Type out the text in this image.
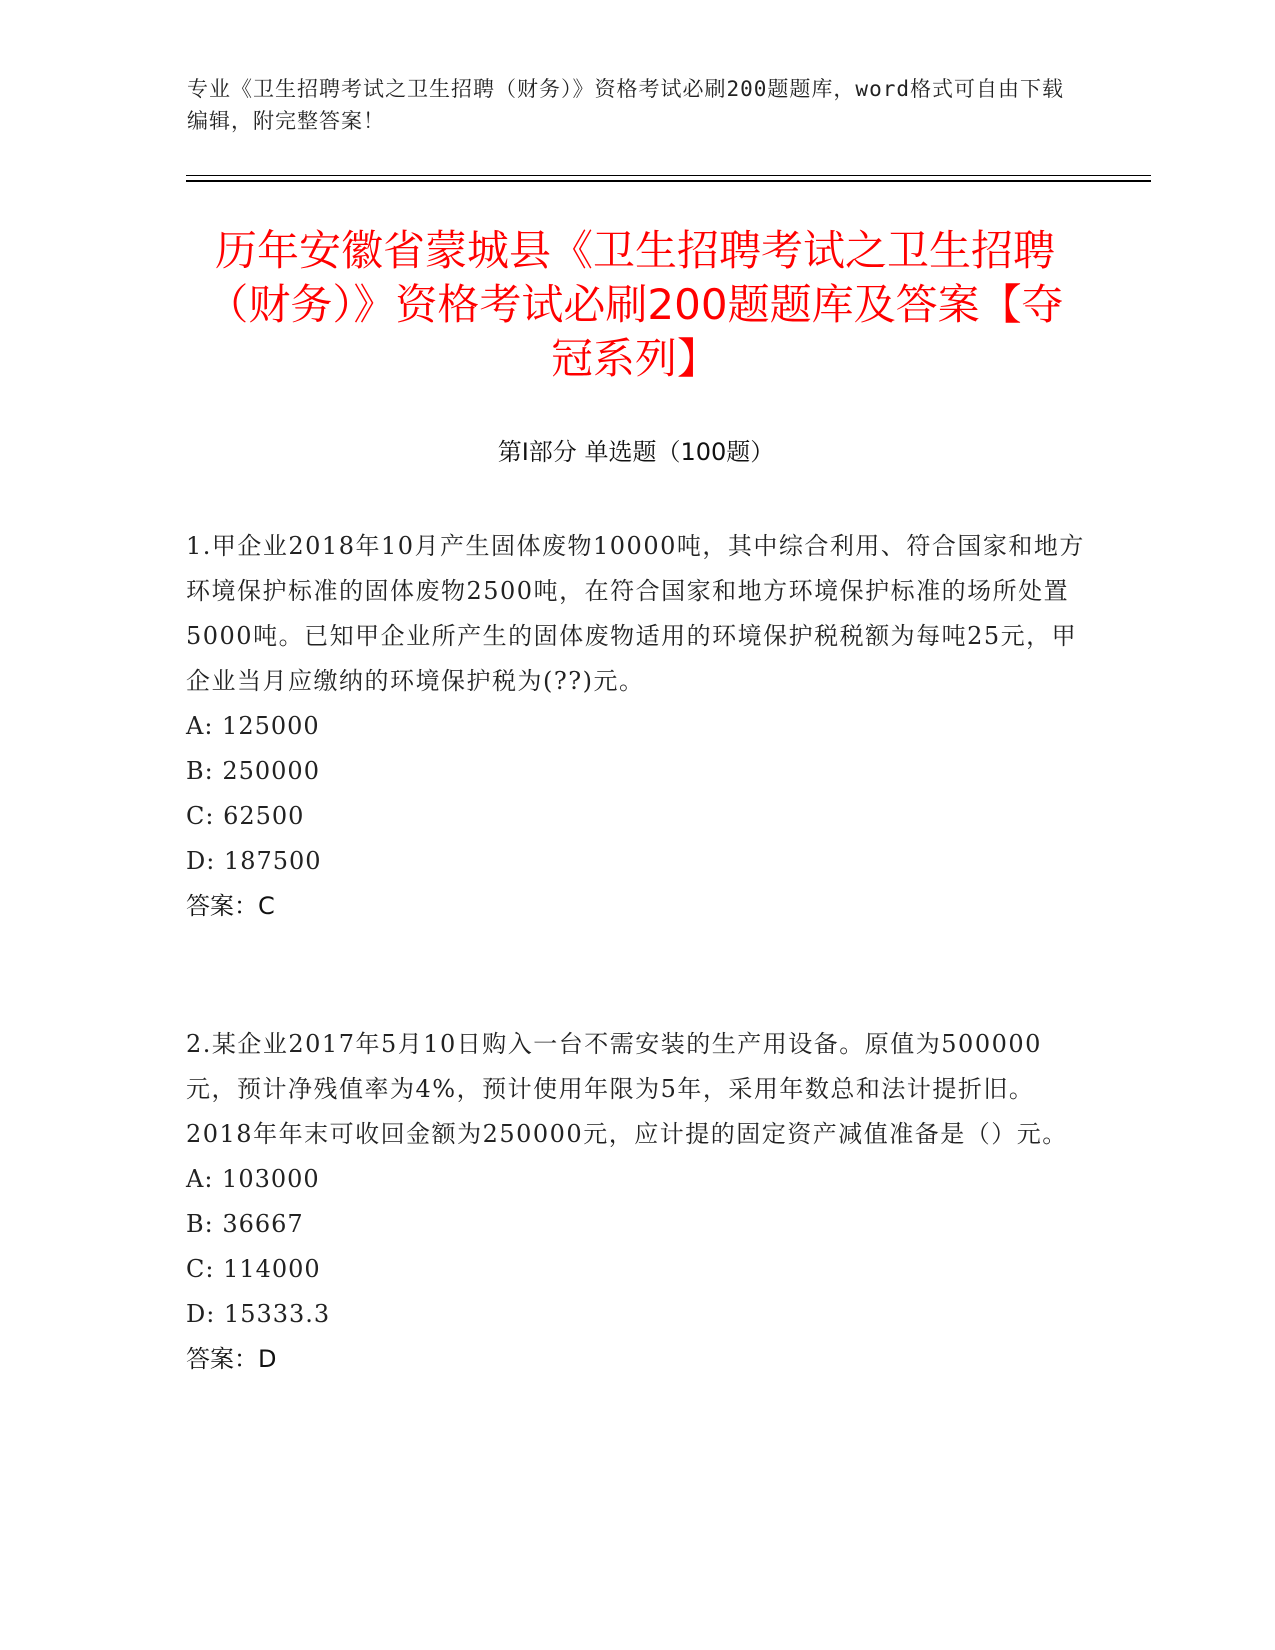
专业《卫生招聘考试之卫生招聘（财务）》资格考试必刷200题题库，word格式可自由下载编辑，附完整答案！
历年安徽省蒙城县《卫生招聘考试之卫生招聘（财务）》资格考试必刷200题题库及答案【夺冠系列】
第I部分 单选题（100题）

1.甲企业2018年10月产生固体废物10000吨，其中综合利用、符合国家和地方环境保护标准的固体废物2500吨，在符合国家和地方环境保护标准的场所处置5000吨。已知甲企业所产生的固体废物适用的环境保护税税额为每吨25元，甲企业当月应缴纳的环境保护税为(??)元。

A: 125000
B: 250000
C: 62500
D: 187500
答案：C

2.某企业2017年5月10日购入一台不需安装的生产用设备。原值为500000元，预计净残值率为4%，预计使用年限为5年，采用年数总和法计提折旧。2018年年末可收回金额为250000元，应计提的固定资产减值准备是（）元。

A: 103000
B: 36667
C: 114000
D: 15333.3
答案：D
